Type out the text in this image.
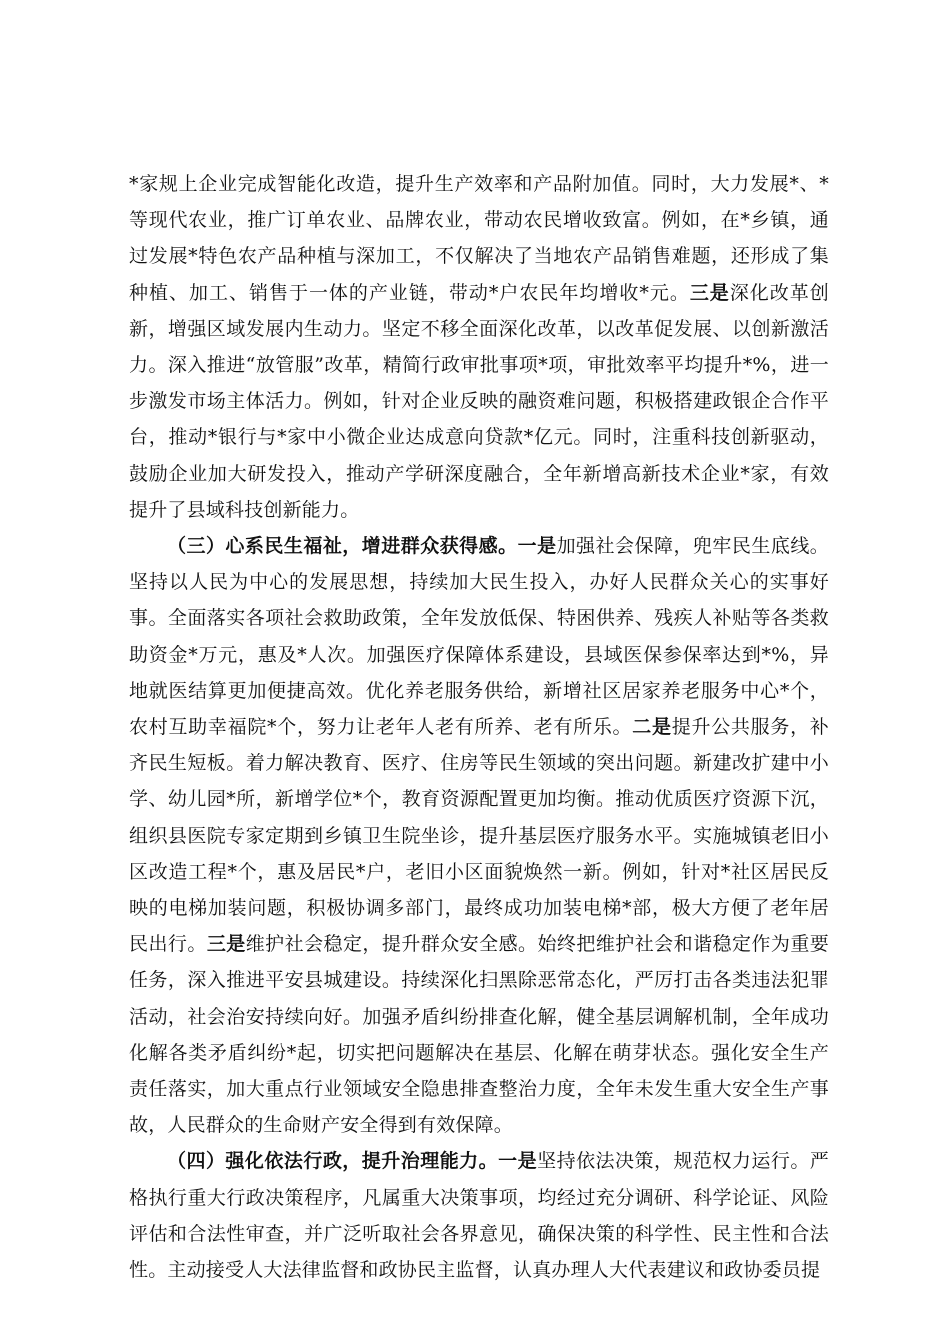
*家规上企业完成智能化改造，提升生产效率和产品附加值。同时，大力发展*、*等现代农业，推广订单农业、品牌农业，带动农民增收致富。例如，在*乡镇，通过发展*特色农产品种植与深加工，不仅解决了当地农产品销售难题，还形成了集种植、加工、销售于一体的产业链，带动*户农民年均增收*元。三是深化改革创新，增强区域发展内生动力。坚定不移全面深化改革，以改革促发展、以创新激活力。深入推进“放管服”改革，精简行政审批事项*项，审批效率平均提升*%，进一步激发市场主体活力。例如，针对企业反映的融资难问题，积极搭建政银企合作平台，推动*银行与*家中小微企业达成意向贷款*亿元。同时，注重科技创新驱动，鼓励企业加大研发投入，推动产学研深度融合，全年新增高新技术企业*家，有效提升了县域科技创新能力。

（三）心系民生福祉，增进群众获得感。一是加强社会保障，兜牢民生底线。坚持以人民为中心的发展思想，持续加大民生投入，办好人民群众关心的实事好事。全面落实各项社会救助政策，全年发放低保、特困供养、残疾人补贴等各类救助资金*万元，惠及*人次。加强医疗保障体系建设，县域医保参保率达到*%，异地就医结算更加便捷高效。优化养老服务供给，新增社区居家养老服务中心*个，农村互助幸福院*个，努力让老年人老有所养、老有所乐。二是提升公共服务，补齐民生短板。着力解决教育、医疗、住房等民生领域的突出问题。新建改扩建中小学、幼儿园*所，新增学位*个，教育资源配置更加均衡。推动优质医疗资源下沉，组织县医院专家定期到乡镇卫生院坐诊，提升基层医疗服务水平。实施城镇老旧小区改造工程*个，惠及居民*户，老旧小区面貌焕然一新。例如，针对*社区居民反映的电梯加装问题，积极协调多部门，最终成功加装电梯*部，极大方便了老年居民出行。三是维护社会稳定，提升群众安全感。始终把维护社会和谐稳定作为重要任务，深入推进平安县城建设。持续深化扫黑除恶常态化，严厉打击各类违法犯罪活动，社会治安持续向好。加强矛盾纠纷排查化解，健全基层调解机制，全年成功化解各类矛盾纠纷*起，切实把问题解决在基层、化解在萌芽状态。强化安全生产责任落实，加大重点行业领域安全隐患排查整治力度，全年未发生重大安全生产事故，人民群众的生命财产安全得到有效保障。

（四）强化依法行政，提升治理能力。一是坚持依法决策，规范权力运行。严格执行重大行政决策程序，凡属重大决策事项，均经过充分调研、科学论证、风险评估和合法性审查，并广泛听取社会各界意见，确保决策的科学性、民主性和合法性。主动接受人大法律监督和政协民主监督，认真办理人大代表建议和政协委员提
